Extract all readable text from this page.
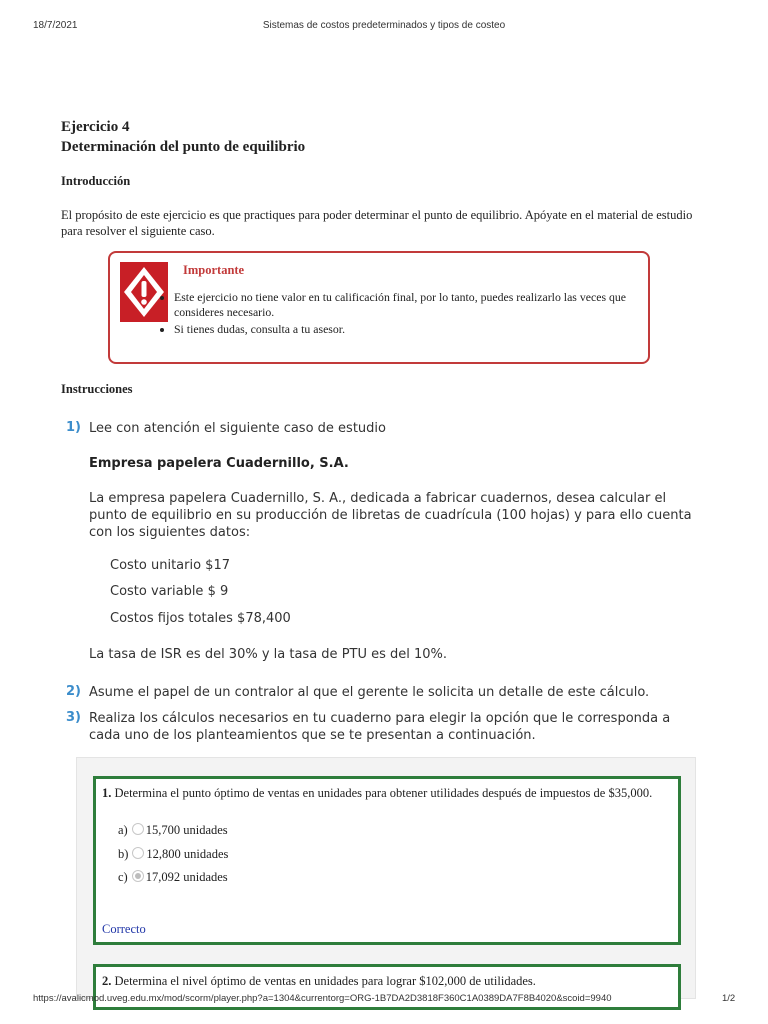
18/7/2021	Sistemas de costos predeterminados y tipos de costeo
Ejercicio 4
Determinación del punto de equilibrio
Introducción
El propósito de este ejercicio es que practiques para poder determinar el punto de equilibrio. Apóyate en el material de estudio para resolver el siguiente caso.
Importante
• Este ejercicio no tiene valor en tu calificación final, por lo tanto, puedes realizarlo las veces que consideres necesario.
• Si tienes dudas, consulta a tu asesor.
Instrucciones
1) Lee con atención el siguiente caso de estudio
Empresa papelera Cuadernillo, S.A.
La empresa papelera Cuadernillo, S. A., dedicada a fabricar cuadernos, desea calcular el punto de equilibrio en su producción de libretas de cuadrícula (100 hojas) y para ello cuenta con los siguientes datos:
Costo unitario $17
Costo variable $ 9
Costos fijos totales $78,400
La tasa de ISR es del 30% y la tasa de PTU es del 10%.
2) Asume el papel de un contralor al que el gerente le solicita un detalle de este cálculo.
3) Realiza los cálculos necesarios en tu cuaderno para elegir la opción que le corresponda a cada uno de los planteamientos que se te presentan a continuación.
1. Determina el punto óptimo de ventas en unidades para obtener utilidades después de impuestos de $35,000.
a) 15,700 unidades
b) 12,800 unidades
c) 17,092 unidades
Correcto
2. Determina el nivel óptimo de ventas en unidades para lograr $102,000 de utilidades.
https://avalicmod.uveg.edu.mx/mod/scorm/player.php?a=1304&currentorg=ORG-1B7DA2D3818F360C1A0389DA7F8B4020&scoid=9940	1/2
